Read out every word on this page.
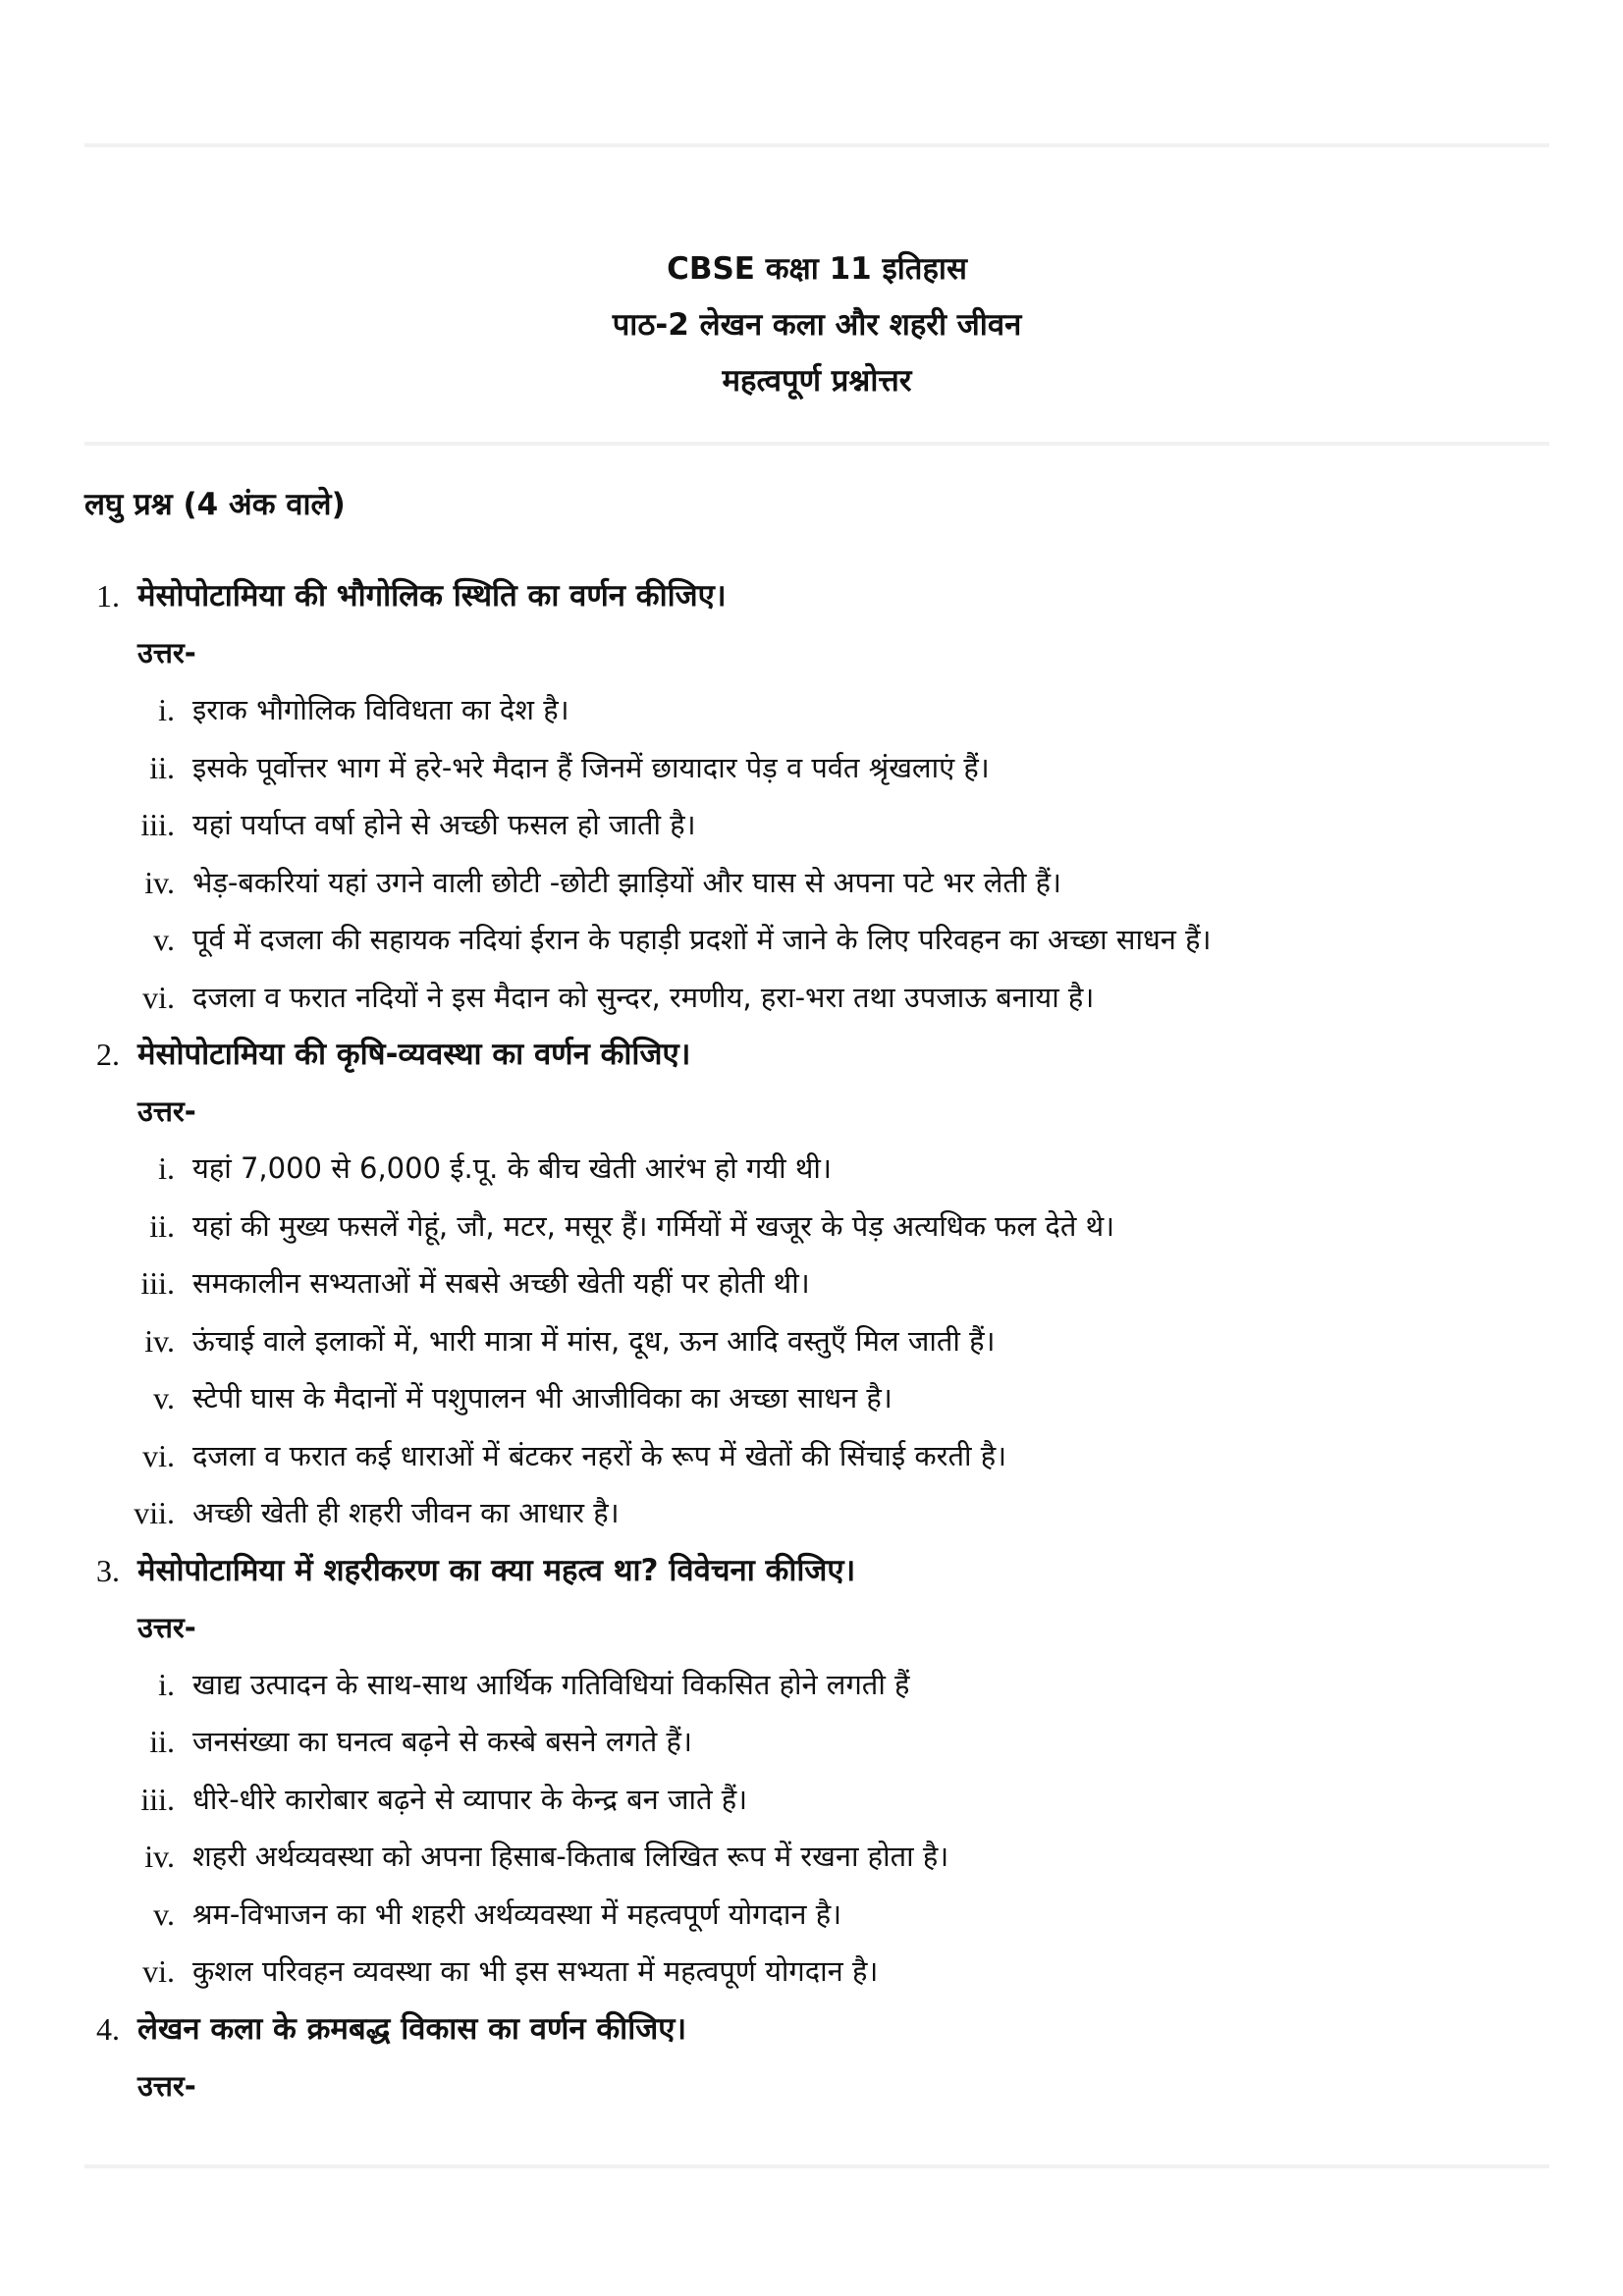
CBSE कक्षा 11 इतिहास
पाठ-2 लेखन कला और शहरी जीवन
महत्वपूर्ण प्रश्नोत्तर
लघु प्रश्न (4 अंक वाले)
1. मेसोपोटामिया की भौगोलिक स्थिति का वर्णन कीजिए।
उत्तर-
i. इराक भौगोलिक विविधता का देश है।
ii. इसके पूर्वोत्तर भाग में हरे-भरे मैदान हैं जिनमें छायादार पेड़ व पर्वत श्रृंखलाएं हैं।
iii. यहां पर्याप्त वर्षा होने से अच्छी फसल हो जाती है।
iv. भेड़-बकरियां यहां उगने वाली छोटी -छोटी झाड़ियों और घास से अपना पटे भर लेती हैं।
v. पूर्व में दजला की सहायक नदियां ईरान के पहाड़ी प्रदशों में जाने के लिए परिवहन का अच्छा साधन हैं।
vi. दजला व फरात नदियों ने इस मैदान को सुन्दर, रमणीय, हरा-भरा तथा उपजाऊ बनाया है।
2. मेसोपोटामिया की कृषि-व्यवस्था का वर्णन कीजिए।
उत्तर-
i. यहां 7,000 से 6,000 ई.पू. के बीच खेती आरंभ हो गयी थी।
ii. यहां की मुख्य फसलें गेहूं, जौ, मटर, मसूर हैं। गर्मियों में खजूर के पेड़ अत्यधिक फल देते थे।
iii. समकालीन सभ्यताओं में सबसे अच्छी खेती यहीं पर होती थी।
iv. ऊंचाई वाले इलाकों में, भारी मात्रा में मांस, दूध, ऊन आदि वस्तुएँ मिल जाती हैं।
v. स्टेपी घास के मैदानों में पशुपालन भी आजीविका का अच्छा साधन है।
vi. दजला व फरात कई धाराओं में बंटकर नहरों के रूप में खेतों की सिंचाई करती है।
vii. अच्छी खेती ही शहरी जीवन का आधार है।
3. मेसोपोटामिया में शहरीकरण का क्या महत्व था? विवेचना कीजिए।
उत्तर-
i. खाद्य उत्पादन के साथ-साथ आर्थिक गतिविधियां विकसित होने लगती हैं
ii. जनसंख्या का घनत्व बढ़ने से कस्बे बसने लगते हैं।
iii. धीरे-धीरे कारोबार बढ़ने से व्यापार के केन्द्र बन जाते हैं।
iv. शहरी अर्थव्यवस्था को अपना हिसाब-किताब लिखित रूप में रखना होता है।
v. श्रम-विभाजन का भी शहरी अर्थव्यवस्था में महत्वपूर्ण योगदान है।
vi. कुशल परिवहन व्यवस्था का भी इस सभ्यता में महत्वपूर्ण योगदान है।
4. लेखन कला के क्रमबद्ध विकास का वर्णन कीजिए।
उत्तर-
